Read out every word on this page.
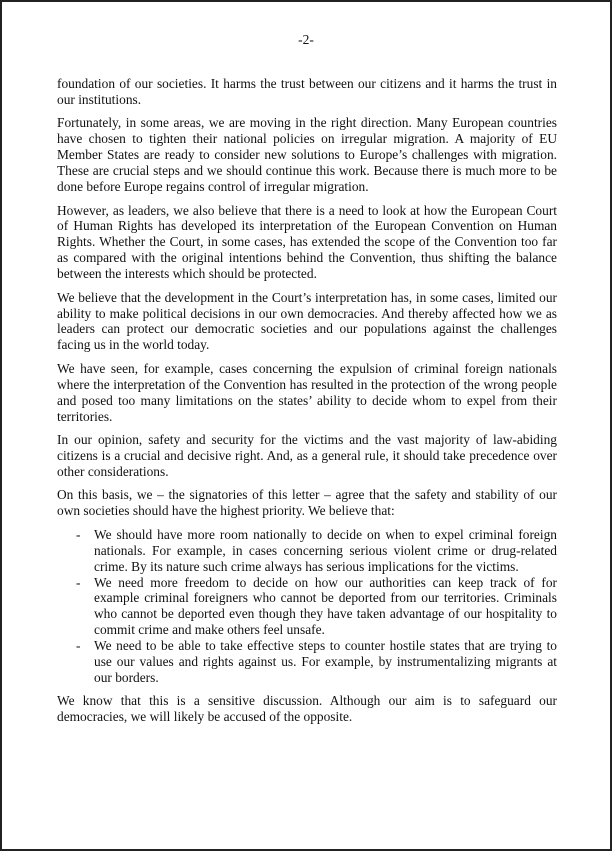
-2-

foundation of our societies. It harms the trust between our citizens and it harms the trust in our institutions.

Fortunately, in some areas, we are moving in the right direction. Many European countries have chosen to tighten their national policies on irregular migration. A majority of EU Member States are ready to consider new solutions to Europe’s challenges with migration. These are crucial steps and we should continue this work. Because there is much more to be done before Europe regains control of irregular migration.

However, as leaders, we also believe that there is a need to look at how the European Court of Human Rights has developed its interpretation of the European Convention on Human Rights. Whether the Court, in some cases, has extended the scope of the Convention too far as compared with the original intentions behind the Convention, thus shifting the balance between the interests which should be protected.

We believe that the development in the Court’s interpretation has, in some cases, limited our ability to make political decisions in our own democracies. And thereby affected how we as leaders can protect our democratic societies and our populations against the challenges facing us in the world today.

We have seen, for example, cases concerning the expulsion of criminal foreign nationals where the interpretation of the Convention has resulted in the protection of the wrong people and posed too many limitations on the states’ ability to decide whom to expel from their territories.

In our opinion, safety and security for the victims and the vast majority of law-abiding citizens is a crucial and decisive right. And, as a general rule, it should take precedence over other considerations.

On this basis, we – the signatories of this letter – agree that the safety and stability of our own societies should have the highest priority. We believe that:

- We should have more room nationally to decide on when to expel criminal foreign nationals. For example, in cases concerning serious violent crime or drug-related crime. By its nature such crime always has serious implications for the victims.
- We need more freedom to decide on how our authorities can keep track of for example criminal foreigners who cannot be deported from our territories. Criminals who cannot be deported even though they have taken advantage of our hospitality to commit crime and make others feel unsafe.
- We need to be able to take effective steps to counter hostile states that are trying to use our values and rights against us. For example, by instrumentalizing migrants at our borders.

We know that this is a sensitive discussion. Although our aim is to safeguard our democracies, we will likely be accused of the opposite.
